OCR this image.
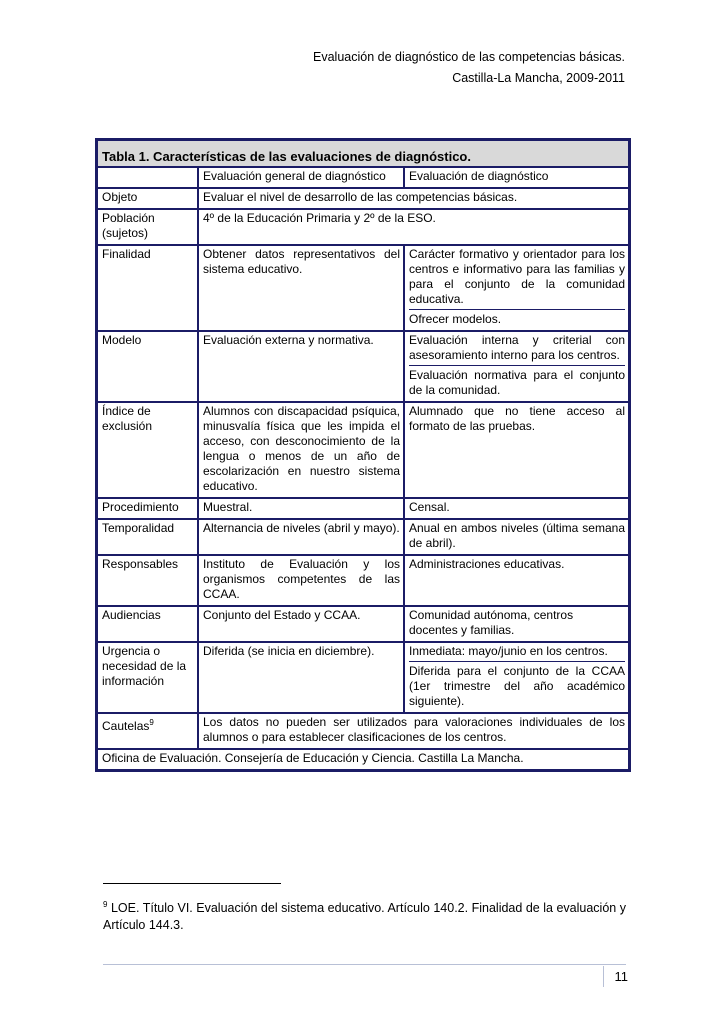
Evaluación de diagnóstico de las competencias básicas.
Castilla-La Mancha, 2009-2011
Tabla 1. Características de las evaluaciones de diagnóstico.		
	Evaluación general de diagnóstico	Evaluación de diagnóstico
Objeto	Evaluar el nivel de desarrollo de las competencias básicas.	
Población (sujetos)	4º de la Educación Primaria y 2º de la ESO.	
Finalidad	Obtener datos representativos del sistema educativo.	Carácter formativo y orientador para los centros e informativo para las familias y para el conjunto de la comunidad educativa.
Ofrecer modelos.

Modelo	Evaluación externa y normativa.	Evaluación interna y criterial con asesoramiento interno para los centros.
Evaluación normativa para el conjunto de la comunidad.

Índice de exclusión	Alumnos con discapacidad psíquica, minusvalía física que les impida el acceso, con desconocimiento de la lengua o menos de un año de escolarización en nuestro sistema educativo.	Alumnado que no tiene acceso al formato de las pruebas.
Procedimiento	Muestral.	Censal.
Temporalidad	Alternancia de niveles (abril y mayo).	Anual en ambos niveles (última semana de abril).
Responsables	Instituto de Evaluación y los organismos competentes de las CCAA.	Administraciones educativas.
Audiencias	Conjunto del Estado y CCAA.	Comunidad autónoma, centros docentes y familias.
Urgencia o necesidad de la información	Diferida (se inicia en diciembre).	Inmediata: mayo/junio en los centros.
Diferida para el conjunto de la CCAA (1er trimestre del año académico siguiente).

Cautelas$^9$	Los datos no pueden ser utilizados para valoraciones individuales de los alumnos o para establecer clasificaciones de los centros.	
Oficina de Evaluación. Consejería de Educación y Ciencia. Castilla La Mancha.		
$^9$ LOE. Título VI. Evaluación del sistema educativo. Artículo 140.2. Finalidad de la evaluación y Artículo 144.3.
11
